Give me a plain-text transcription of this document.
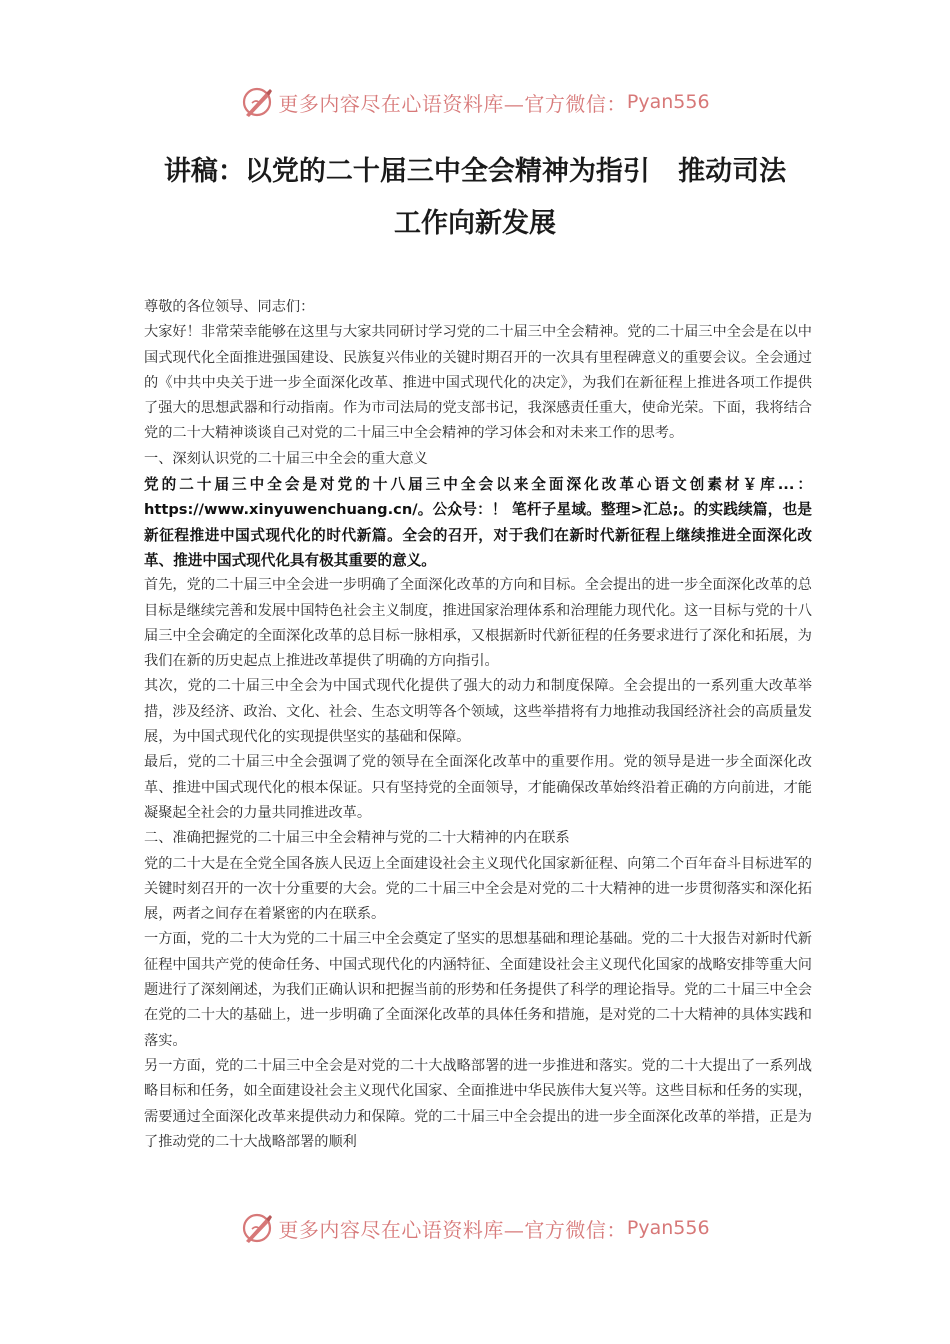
更多内容尽在心语资料库—官方微信： Pyan556
讲稿：以党的二十届三中全会精神为指引   推动司法
工作向新发展

尊敬的各位领导、同志们：

大家好！非常荣幸能够在这里与大家共同研讨学习党的二十届三中全会精神。党的二十届三中全会是在以中国式现代化全面推进强国建设、民族复兴伟业的关键时期召开的一次具有里程碑意义的重要会议。全会通过的《中共中央关于进一步全面深化改革、推进中国式现代化的决定》，为我们在新征程上推进各项工作提供了强大的思想武器和行动指南。作为市司法局的党支部书记，我深感责任重大，使命光荣。下面，我将结合党的二十大精神谈谈自己对党的二十届三中全会精神的学习体会和对未来工作的思考。

一、深刻认识党的二十届三中全会的重大意义

党的二十届三中全会是对党的十八届三中全会以来全面深化改革心语文创素材￥库...：https://www.xinyuwenchuang.cn/。公众号：！ 笔杆子星域。整理>汇总;。的实践续篇，也是新征程推进中国式现代化的时代新篇。全会的召开，对于我们在新时代新征程上继续推进全面深化改革、推进中国式现代化具有极其重要的意义。

首先，党的二十届三中全会进一步明确了全面深化改革的方向和目标。全会提出的进一步全面深化改革的总目标是继续完善和发展中国特色社会主义制度，推进国家治理体系和治理能力现代化。这一目标与党的十八届三中全会确定的全面深化改革的总目标一脉相承，又根据新时代新征程的任务要求进行了深化和拓展，为我们在新的历史起点上推进改革提供了明确的方向指引。

其次，党的二十届三中全会为中国式现代化提供了强大的动力和制度保障。全会提出的一系列重大改革举措，涉及经济、政治、文化、社会、生态文明等各个领域，这些举措将有力地推动我国经济社会的高质量发展，为中国式现代化的实现提供坚实的基础和保障。

最后，党的二十届三中全会强调了党的领导在全面深化改革中的重要作用。党的领导是进一步全面深化改革、推进中国式现代化的根本保证。只有坚持党的全面领导，才能确保改革始终沿着正确的方向前进，才能凝聚起全社会的力量共同推进改革。

二、准确把握党的二十届三中全会精神与党的二十大精神的内在联系

党的二十大是在全党全国各族人民迈上全面建设社会主义现代化国家新征程、向第二个百年奋斗目标进军的关键时刻召开的一次十分重要的大会。党的二十届三中全会是对党的二十大精神的进一步贯彻落实和深化拓展，两者之间存在着紧密的内在联系。

一方面，党的二十大为党的二十届三中全会奠定了坚实的思想基础和理论基础。党的二十大报告对新时代新征程中国共产党的使命任务、中国式现代化的内涵特征、全面建设社会主义现代化国家的战略安排等重大问题进行了深刻阐述，为我们正确认识和把握当前的形势和任务提供了科学的理论指导。党的二十届三中全会在党的二十大的基础上，进一步明确了全面深化改革的具体任务和措施，是对党的二十大精神的具体实践和落实。

另一方面，党的二十届三中全会是对党的二十大战略部署的进一步推进和落实。党的二十大提出了一系列战略目标和任务，如全面建设社会主义现代化国家、全面推进中华民族伟大复兴等。这些目标和任务的实现，需要通过全面深化改革来提供动力和保障。党的二十届三中全会提出的进一步全面深化改革的举措，正是为了推动党的二十大战略部署的顺利

更多内容尽在心语资料库—官方微信： Pyan556
